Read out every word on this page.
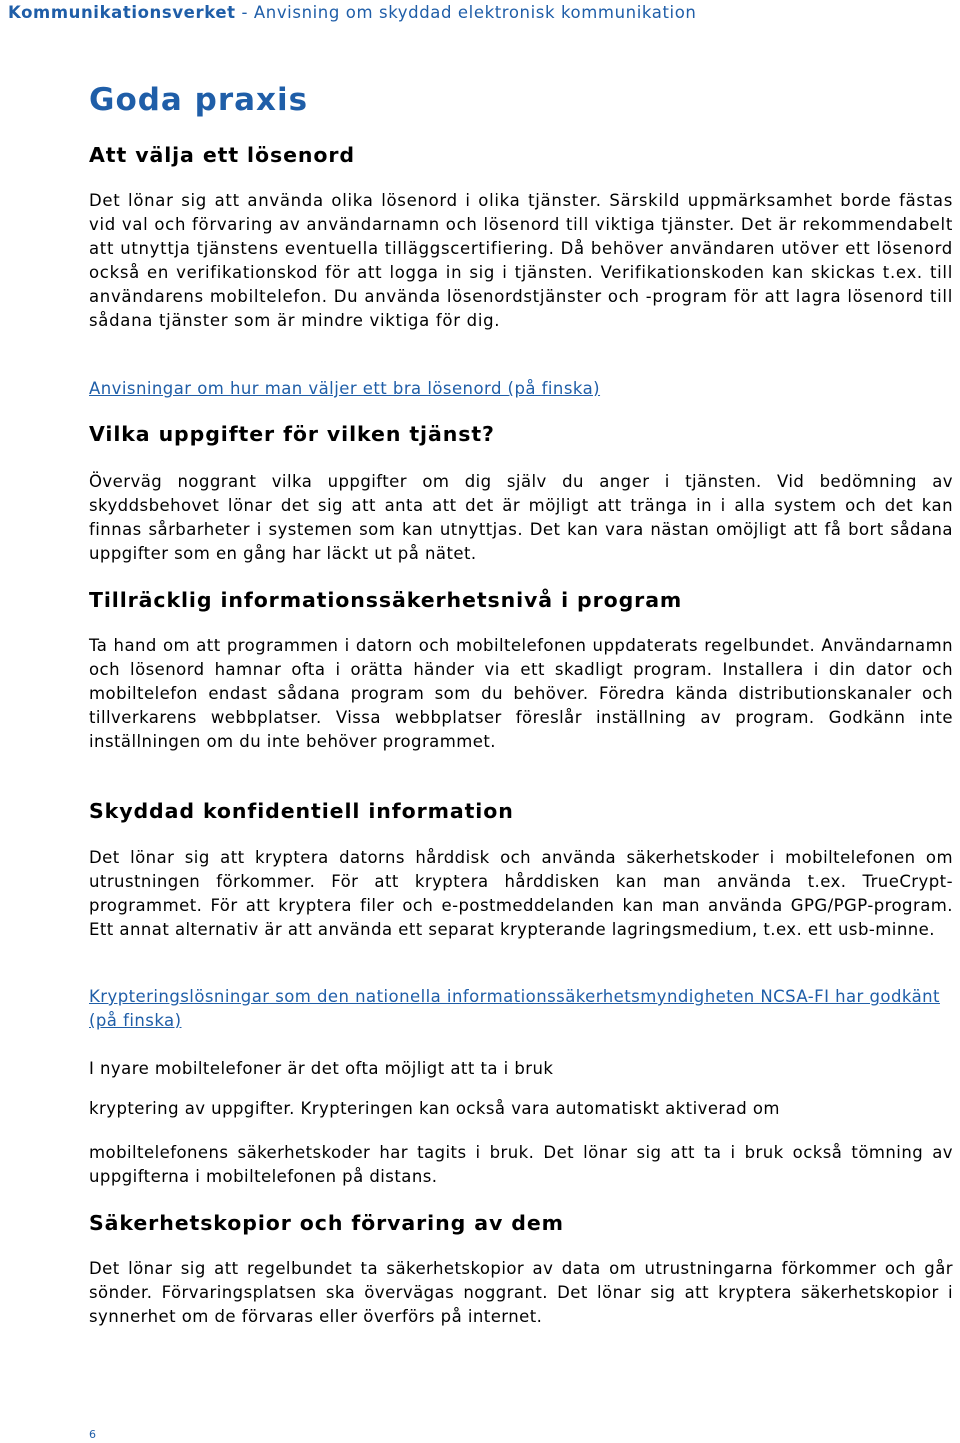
Kommunikationsverket - Anvisning om skyddad elektronisk kommunikation
Goda praxis
Att välja ett lösenord

Det lönar sig att använda olika lösenord i olika tjänster. Särskild uppmärksamhet borde fästas vid val och förvaring av användarnamn och lösenord till viktiga tjänster. Det är rekommendabelt att utnyttja tjänstens eventuella tilläggscertifiering. Då behöver användaren utöver ett lösenord också en verifikationskod för att logga in sig i tjänsten. Verifikationskoden kan skickas t.ex. till användarens mobiltelefon. Du använda lösenordstjänster och -program för att lagra lösenord till sådana tjänster som är mindre viktiga för dig.

Anvisningar om hur man väljer ett bra lösenord (på finska)

Vilka uppgifter för vilken tjänst?

Överväg noggrant vilka uppgifter om dig själv du anger i tjänsten. Vid bedömning av skyddsbehovet lönar det sig att anta att det är möjligt att tränga in i alla system och det kan finnas sårbarheter i systemen som kan utnyttjas. Det kan vara nästan omöjligt att få bort sådana uppgifter som en gång har läckt ut på nätet.

Tillräcklig informationssäkerhetsnivå i program

Ta hand om att programmen i datorn och mobiltelefonen uppdaterats regelbundet. Användarnamn och lösenord hamnar ofta i orätta händer via ett skadligt program. Installera i din dator och mobiltelefon endast sådana program som du behöver. Föredra kända distributionskanaler och tillverkarens webbplatser. Vissa webbplatser föreslår inställning av program. Godkänn inte inställningen om du inte behöver programmet.

Skyddad konfidentiell information

Det lönar sig att kryptera datorns hårddisk och använda säkerhetskoder i mobiltelefonen om utrustningen förkommer. För att kryptera hårddisken kan man använda t.ex. TrueCrypt-programmet. För att kryptera filer och e-postmeddelanden kan man använda GPG/PGP-program. Ett annat alternativ är att använda ett separat krypterande lagringsmedium, t.ex. ett usb-minne.

Krypteringslösningar som den nationella informationssäkerhetsmyndigheten NCSA-FI har godkänt (på finska)

I nyare mobiltelefoner är det ofta möjligt att ta i bruk

kryptering av uppgifter. Krypteringen kan också vara automatiskt aktiverad om

mobiltelefonens säkerhetskoder har tagits i bruk. Det lönar sig att ta i bruk också tömning av uppgifterna i mobiltelefonen på distans.

Säkerhetskopior och förvaring av dem

Det lönar sig att regelbundet ta säkerhetskopior av data om utrustningarna förkommer och går sönder. Förvaringsplatsen ska övervägas noggrant. Det lönar sig att kryptera säkerhetskopior i synnerhet om de förvaras eller överförs på internet.

6
